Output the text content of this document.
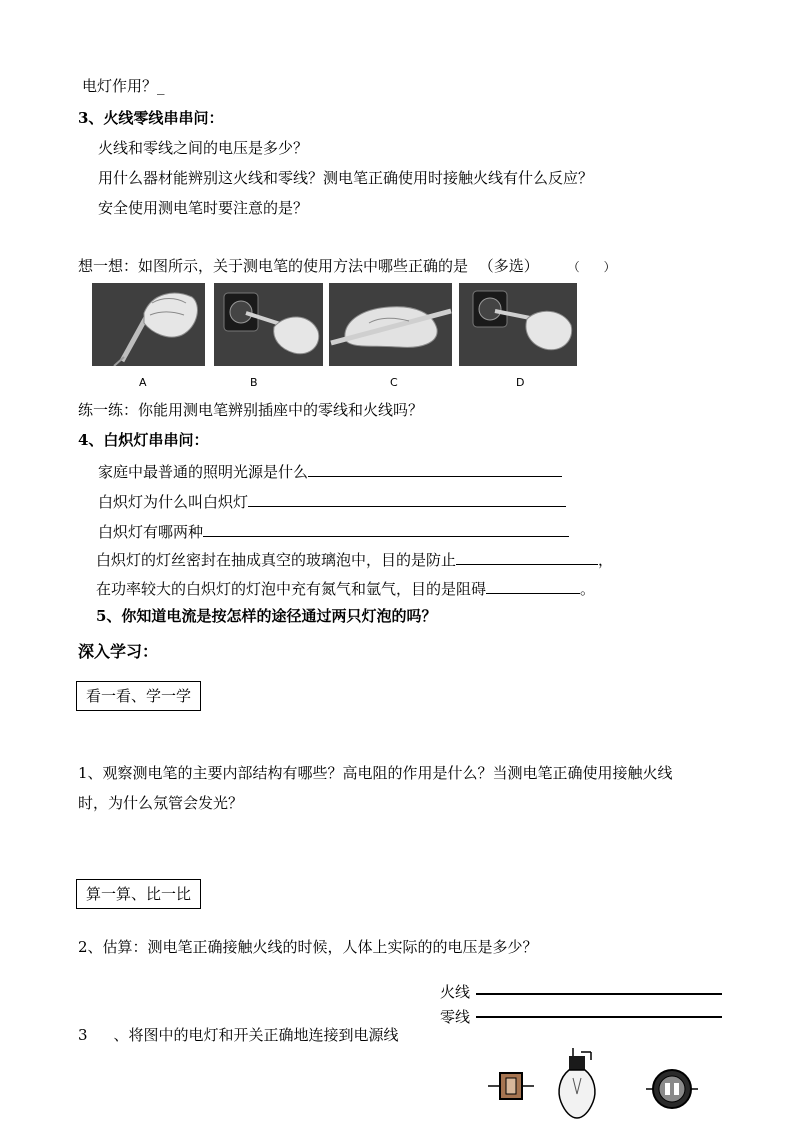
电灯作用？_
3、火线零线串串问：
火线和零线之间的电压是多少？
用什么器材能辨别这火线和零线？测电笔正确使用时接触火线有什么反应？
安全使用测电笔时要注意的是？
想一想：如图所示，关于测电笔的使用方法中哪些正确的是 （多选） （　　）
A	B	C	D
练一练：你能用测电笔辨别插座中的零线和火线吗？
4、白炽灯串串问：
家庭中最普通的照明光源是什么
白炽灯为什么叫白炽灯
白炽灯有哪两种
白炽灯的灯丝密封在抽成真空的玻璃泡中，目的是防止	，
在功率较大的白炽灯的灯泡中充有氮气和氩气，目的是阻碍	。
5、你知道电流是按怎样的途径通过两只灯泡的吗？
深入学习：
看一看、学一学
1、观察测电笔的主要内部结构有哪些？高电阻的作用是什么？当测电笔正确使用接触火线
时，为什么氖管会发光？
算一算、比一比
2、估算：测电笔正确接触火线的时候，人体上实际的的电压是多少？
火线
零线
3 、将图中的电灯和开关正确地连接到电源线
